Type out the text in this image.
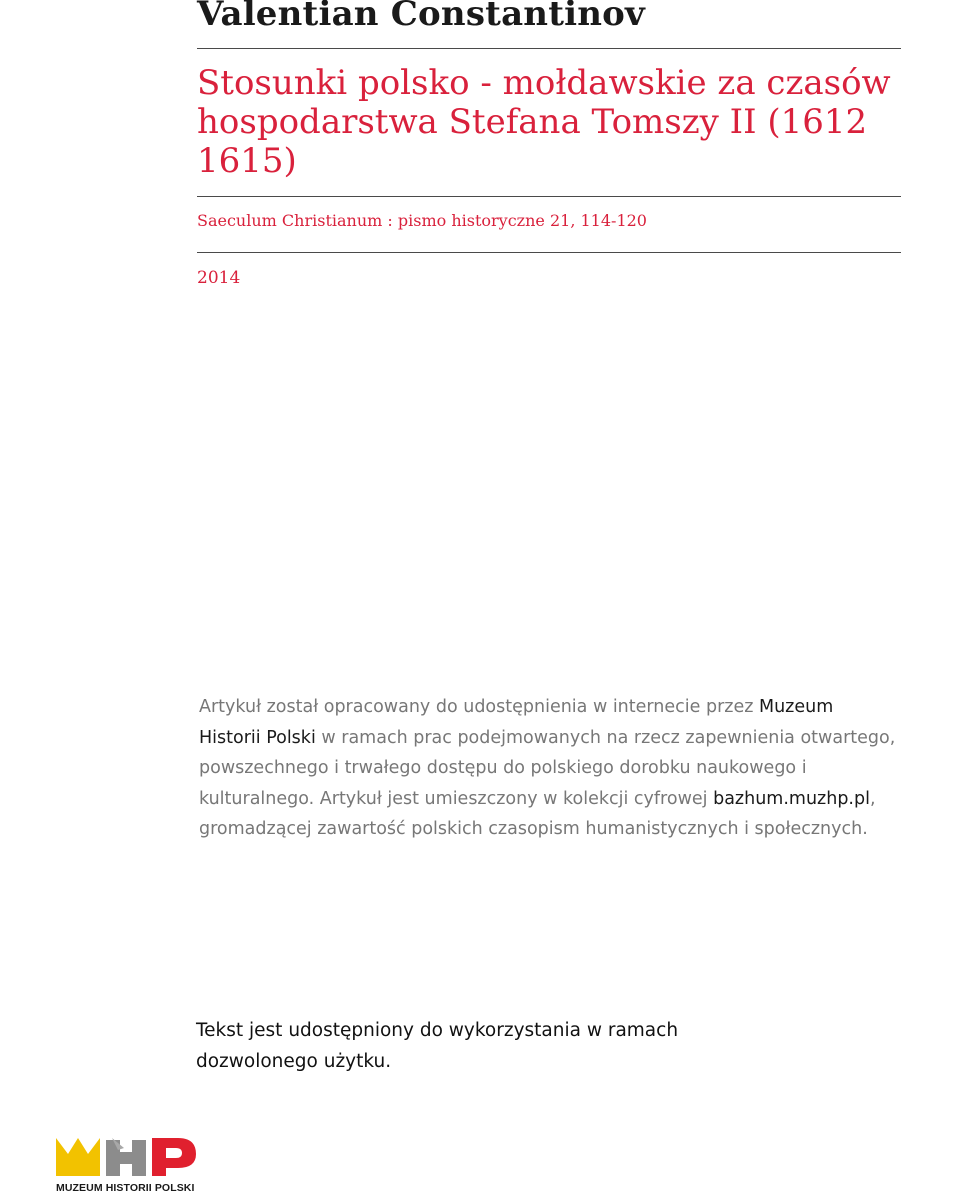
Valentian Constantinov
Stosunki polsko - mołdawskie za czasów hospodarstwa Stefana Tomszy II (1612 1615)
Saeculum Christianum : pismo historyczne 21, 114-120
2014
Artykuł został opracowany do udostępnienia w internecie przez Muzeum Historii Polski w ramach prac podejmowanych na rzecz zapewnienia otwartego, powszechnego i trwałego dostępu do polskiego dorobku naukowego i kulturalnego. Artykuł jest umieszczony w kolekcji cyfrowej bazhum.muzhp.pl, gromadzącej zawartość polskich czasopism humanistycznych i społecznych.
Tekst jest udostępniony do wykorzystania w ramach dozwolonego użytku.
MUZEUM HISTORII POLSKI
